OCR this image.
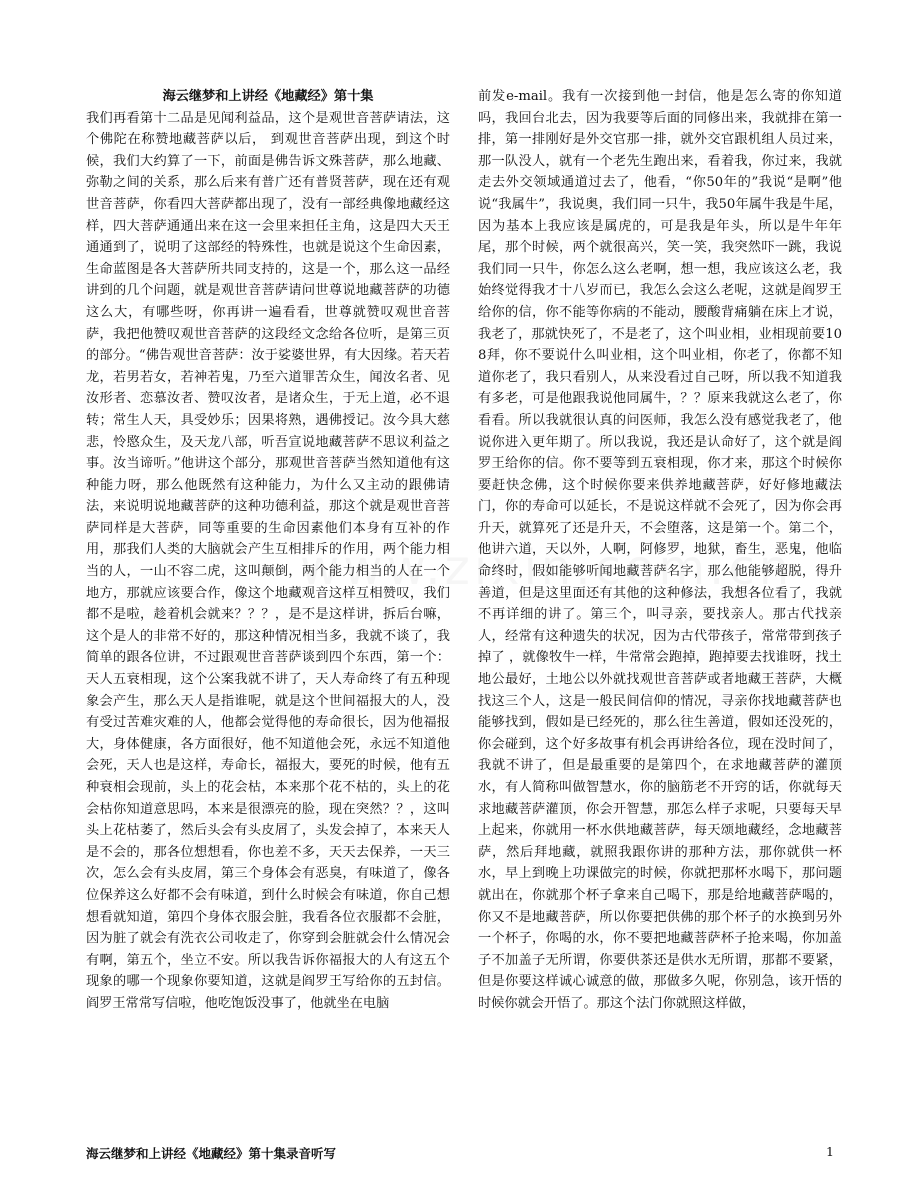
海云继梦和上讲经《地藏经》第十集

我们再看第十二品是见闻利益品，这个是观世音菩萨请法，这个佛陀在称赞地藏菩萨以后， 到观世音菩萨出现，到这个时候，我们大约算了一下，前面是佛告诉文殊菩萨，那么地藏、弥勒之间的关系，那么后来有普广还有普贤菩萨，现在还有观世音菩萨，你看四大菩萨都出现了，没有一部经典像地藏经这样，四大菩萨通通出来在这一会里来担任主角，这是四大天王通通到了，说明了这部经的特殊性，也就是说这个生命因素，生命蓝图是各大菩萨所共同支持的，这是一个，那么这一品经讲到的几个问题，就是观世音菩萨请问世尊说地藏菩萨的功德这么大，有哪些呀，你再讲一遍看看，世尊就赞叹观世音菩萨，我把他赞叹观世音菩萨的这段经文念给各位听，是第三页的部分。“佛告观世音菩萨：汝于娑婆世界，有大因缘。若天若龙，若男若女，若神若鬼，乃至六道罪苦众生，闻汝名者、见汝形者、恋慕汝者、赞叹汝者，是诸众生，于无上道，必不退转；常生人天，具受妙乐；因果将熟，遇佛授记。汝今具大慈悲，怜愍众生，及天龙八部，听吾宣说地藏菩萨不思议利益之事。汝当谛听。”他讲这个部分，那观世音菩萨当然知道他有这种能力呀，那么他既然有这种能力，为什么又主动的跟佛请法，来说明说地藏菩萨的这种功德利益，那这个就是观世音菩萨同样是大菩萨，同等重要的生命因素他们本身有互补的作用，那我们人类的大脑就会产生互相排斥的作用，两个能力相当的人，一山不容二虎，这叫颠倒，两个能力相当的人在一个地方，那就应该要合作，像这个地藏观音这样互相赞叹，我们都不是啦，趁着机会就来？？？，是不是这样讲，拆后台嘛，这个是人的非常不好的，那这种情况相当多，我就不谈了，我简单的跟各位讲，不过跟观世音菩萨谈到四个东西，第一个：天人五衰相现，这个公案我就不讲了，天人寿命终了有五种现象会产生，那么天人是指谁呢，就是这个世间福报大的人，没有受过苦难灾难的人，他都会觉得他的寿命很长，因为他福报大，身体健康，各方面很好，他不知道他会死，永远不知道他会死，天人也是这样，寿命长，福报大，要死的时候，他有五种衰相会现前，头上的花会枯，本来那个花不枯的，头上的花会枯你知道意思吗，本来是很漂亮的脸，现在突然？？，这叫头上花枯萎了，然后头会有头皮屑了，头发会掉了，本来天人是不会的，那各位想想看，你也差不多，天天去保养，一天三次，怎么会有头皮屑，第三个身体会有恶臭，有味道了，像各位保养这么好都不会有味道，到什么时候会有味道，你自己想想看就知道，第四个身体衣服会脏，我看各位衣服都不会脏，因为脏了就会有洗衣公司收走了，你穿到会脏就会什么情况会有啊，第五个，坐立不安。所以我告诉你福报大的人有这五个现象的哪一个现象你要知道，这就是阎罗王写给你的五封信。阎罗王常常写信啦，他吃饱饭没事了，他就坐在电脑

前发e-mail。我有一次接到他一封信，他是怎么寄的你知道吗，我回台北去，因为我要等后面的同修出来，我就排在第一排，第一排刚好是外交官那一排，就外交官跟机组人员过来，那一队没人，就有一个老先生跑出来，看着我，你过来，我就走去外交领域通道过去了，他看，“你50年的”我说“是啊”他说“我属牛”，我说奥，我们同一只牛，我50年属牛我是牛尾，因为基本上我应该是属虎的，可是我是年头，所以是牛年年尾，那个时候，两个就很高兴，笑一笑，我突然吓一跳，我说我们同一只牛，你怎么这么老啊，想一想，我应该这么老，我始终觉得我才十八岁而已，我怎么会这么老呢，这就是阎罗王给你的信，你不能等你病的不能动，腰酸背痛躺在床上才说，我老了，那就快死了，不是老了，这个叫业相，业相现前要108拜，你不要说什么叫业相，这个叫业相，你老了，你都不知道你老了，我只看别人，从来没看过自己呀，所以我不知道我有多老，可是他跟我说他同属牛，？？原来我就这么老了，你看看。所以我就很认真的问医师，我怎么没有感觉我老了，他说你进入更年期了。所以我说，我还是认命好了，这个就是阎罗王给你的信。你不要等到五衰相现，你才来，那这个时候你要赶快念佛，这个时候你要来供养地藏菩萨，好好修地藏法门，你的寿命可以延长，不是说这样就不会死了，因为你会再升天，就算死了还是升天，不会堕落，这是第一个。第二个，他讲六道，天以外，人啊，阿修罗，地狱，畜生，恶鬼，他临命终时，假如能够听闻地藏菩萨名字，那么他能够超脱，得升善道，但是这里面还有其他的这种修法，我想各位看了，我就不再详细的讲了。第三个，叫寻亲，要找亲人。那古代找亲人，经常有这种遗失的状况，因为古代带孩子，常常带到孩子掉了 ，就像牧牛一样，牛常常会跑掉，跑掉要去找谁呀，找土地公最好，土地公以外就找观世音菩萨或者地藏王菩萨，大概找这三个人，这是一般民间信仰的情况，寻亲你找地藏菩萨也能够找到，假如是已经死的，那么往生善道，假如还没死的，你会碰到，这个好多故事有机会再讲给各位，现在没时间了，我就不讲了，但是最重要的是第四个，在求地藏菩萨的灌顶水，有人简称叫做智慧水，你的脑筋老不开窍的话，你就每天求地藏菩萨灌顶，你会开智慧，那怎么样子求呢，只要每天早上起来，你就用一杯水供地藏菩萨，每天颂地藏经，念地藏菩萨，然后拜地藏，就照我跟你讲的那种方法，那你就供一杯水，早上到晚上功课做完的时候，你就把那杯水喝下，那问题就出在，你就那个杯子拿来自己喝下，那是给地藏菩萨喝的，你又不是地藏菩萨，所以你要把供佛的那个杯子的水换到另外一个杯子，你喝的水，你不要把地藏菩萨杯子抢来喝，你加盖子不加盖子无所谓，你要供茶还是供水无所谓，那都不要紧，但是你要这样诚心诚意的做，那做多久呢，你别急，该开悟的时候你就会开悟了。那这个法门你就照这样做，

海云继梦和上讲经《地藏经》第十集录音听写	1
